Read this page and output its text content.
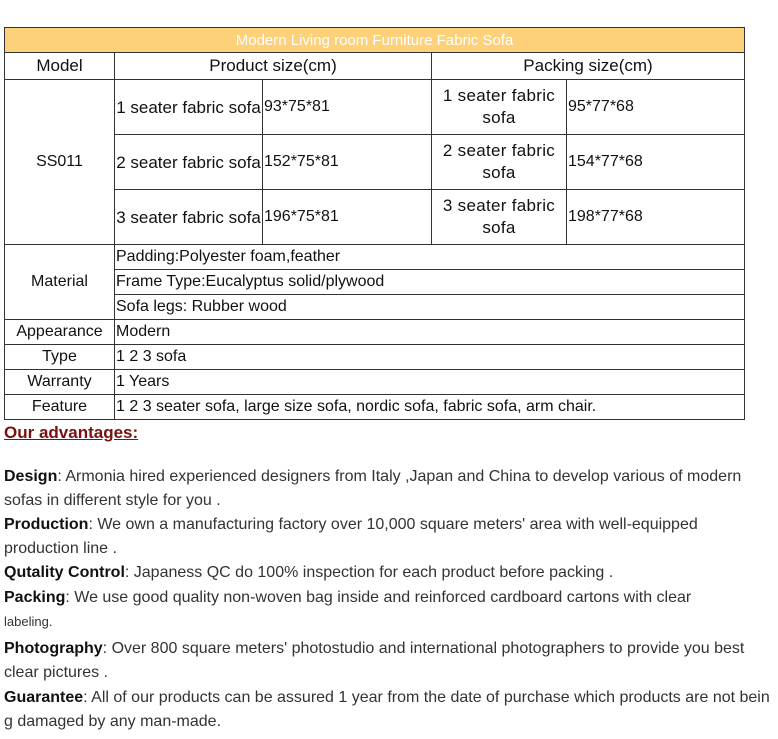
Modern Living room Furniture Fabric Sofa				
Model	Product size(cm)		Packing size(cm)	
SS011	1 seater fabric sofa	93*75*81	1 seater fabric sofa	95*77*68
	2 seater fabric sofa	152*75*81	2 seater fabric sofa	154*77*68
	3 seater fabric sofa	196*75*81	3 seater fabric sofa	198*77*68
Material	Padding:Polyester foam,feather			
	Frame Type:Eucalyptus solid/plywood			
	Sofa legs: Rubber wood			
Appearance	Modern			
Type	1 2 3 sofa			
Warranty	1 Years			
Feature	1 2 3 seater sofa, large size sofa, nordic sofa, fabric sofa, arm chair.			
Our advantages:

Design: Armonia hired experienced designers from Italy ,Japan and China to develop various of modern sofas in different style for you .

Production: We own a manufacturing factory over 10,000 square meters' area with well-equipped production line .

Qutality Control: Japaness QC do 100% inspection for each product before packing .

Packing: We use good quality non-woven bag inside and reinforced cardboard cartons with clear
labeling.

Photography: Over 800 square meters' photostudio and international photographers to provide you best clear pictures .

Guarantee: All of our products can be assured 1 year from the date of purchase which products are not bein g damaged by any man-made.
